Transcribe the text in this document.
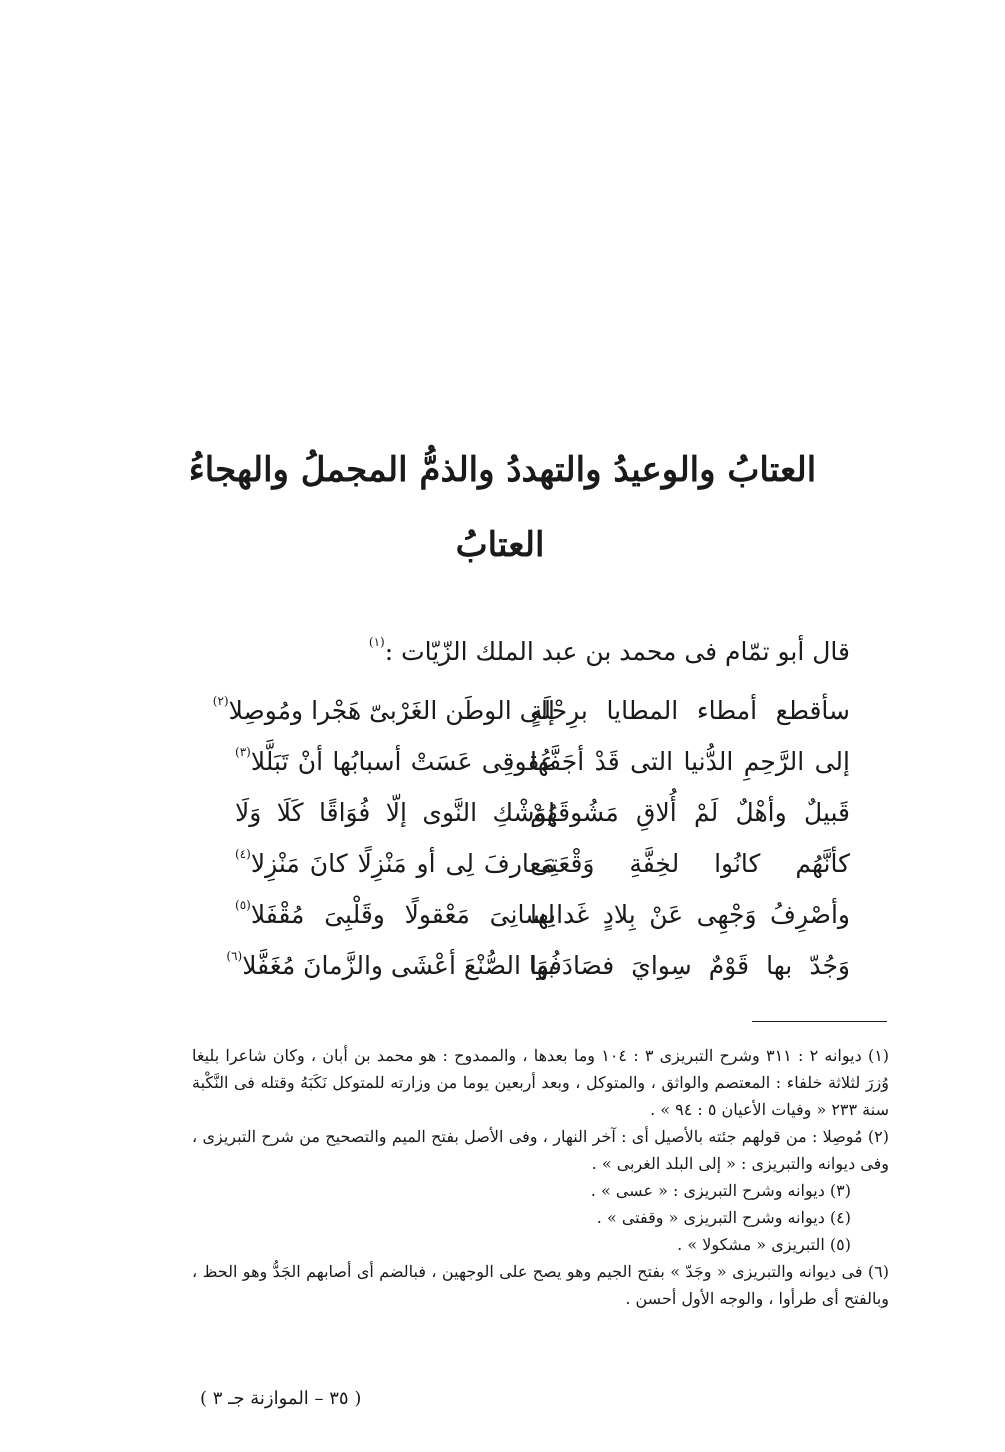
العتابُ والوعيدُ والتهددُ والذمُّ المجملُ والهجاءُ
العتابُ
قال أبو تمّام فى محمد بن عبد الملك الزّيّات :$^{(١)}$
سأقطع أمطاء المطايا برِحْلَةٍ
إلى الوطَن الغَرْبىّ هَجْرا ومُوصِلا$^{(٢)}$
إلى الرَّحِمِ الدُّنيا التى قَدْ أجَفَّها
عُقوقِى عَسَتْ أسبابُها أنْ تَبَلَّلا$^{(٣)}$
قَبيلٌ وأهْلٌ لَمْ أُلاقِ مَشُوقَهُمْ
لِوَشْكِ النَّوى إلّا فُوَاقًا كَلَا وَلَا
كأنَّهُم كانُوا لخِفَّةِ وَقْعَتِى
مَعارفَ لِى أو مَنْزِلًا كانَ مَنْزِلا$^{(٤)}$
وأصْرِفُ وَجْهِى عَنْ بِلادٍ غَدابها
لِسانِىَ مَعْقولًا وقَلْبِىَ مُقْفَلا$^{(٥)}$
وَجُدّ بها قَوْمٌ سِوايَ فصَادَفُوا
بهَا الصُّنْعَ أعْشَى والزَّمانَ مُغَفَّلا$^{(٦)}$

(١) ديوانه ٢ : ٣١١ وشرح التبريزى ٣ : ١٠٤ وما بعدها ، والممدوح : هو محمد بن أبان ، وكان شاعرا بليغا وُزرَ لثلاثة خلفاء : المعتصم والواثق ، والمتوكل ، وبعد أربعين يوما من وزارته للمتوكل نَكَبَهُ وقتله فى النَّكْبة سنة ٢٣٣ « وفيات الأعيان ٥ : ٩٤ » .

(٢) مُوصِلا : من قولهم جئته بالأصيل أى : آخر النهار ، وفى الأصل بفتح الميم والتصحيح من شرح التبريزى ، وفى ديوانه والتبريزى : « إلى البلد الغربى » .

(٣) ديوانه وشرح التبريزى : « عسى » .

(٤) ديوانه وشرح التبريزى « وقفتى » .

(٥) التبريزى « مشكولا » .

(٦) فى ديوانه والتبريزى « وجَدّ » بفتح الجيم وهو يصح على الوجهين ، فبالضم أى أصابهم الجَدُّ وهو الحظ ، وبالفتح أى طرأوا ، والوجه الأول أحسن .

( ٣٥ – الموازنة جـ ٣ )
